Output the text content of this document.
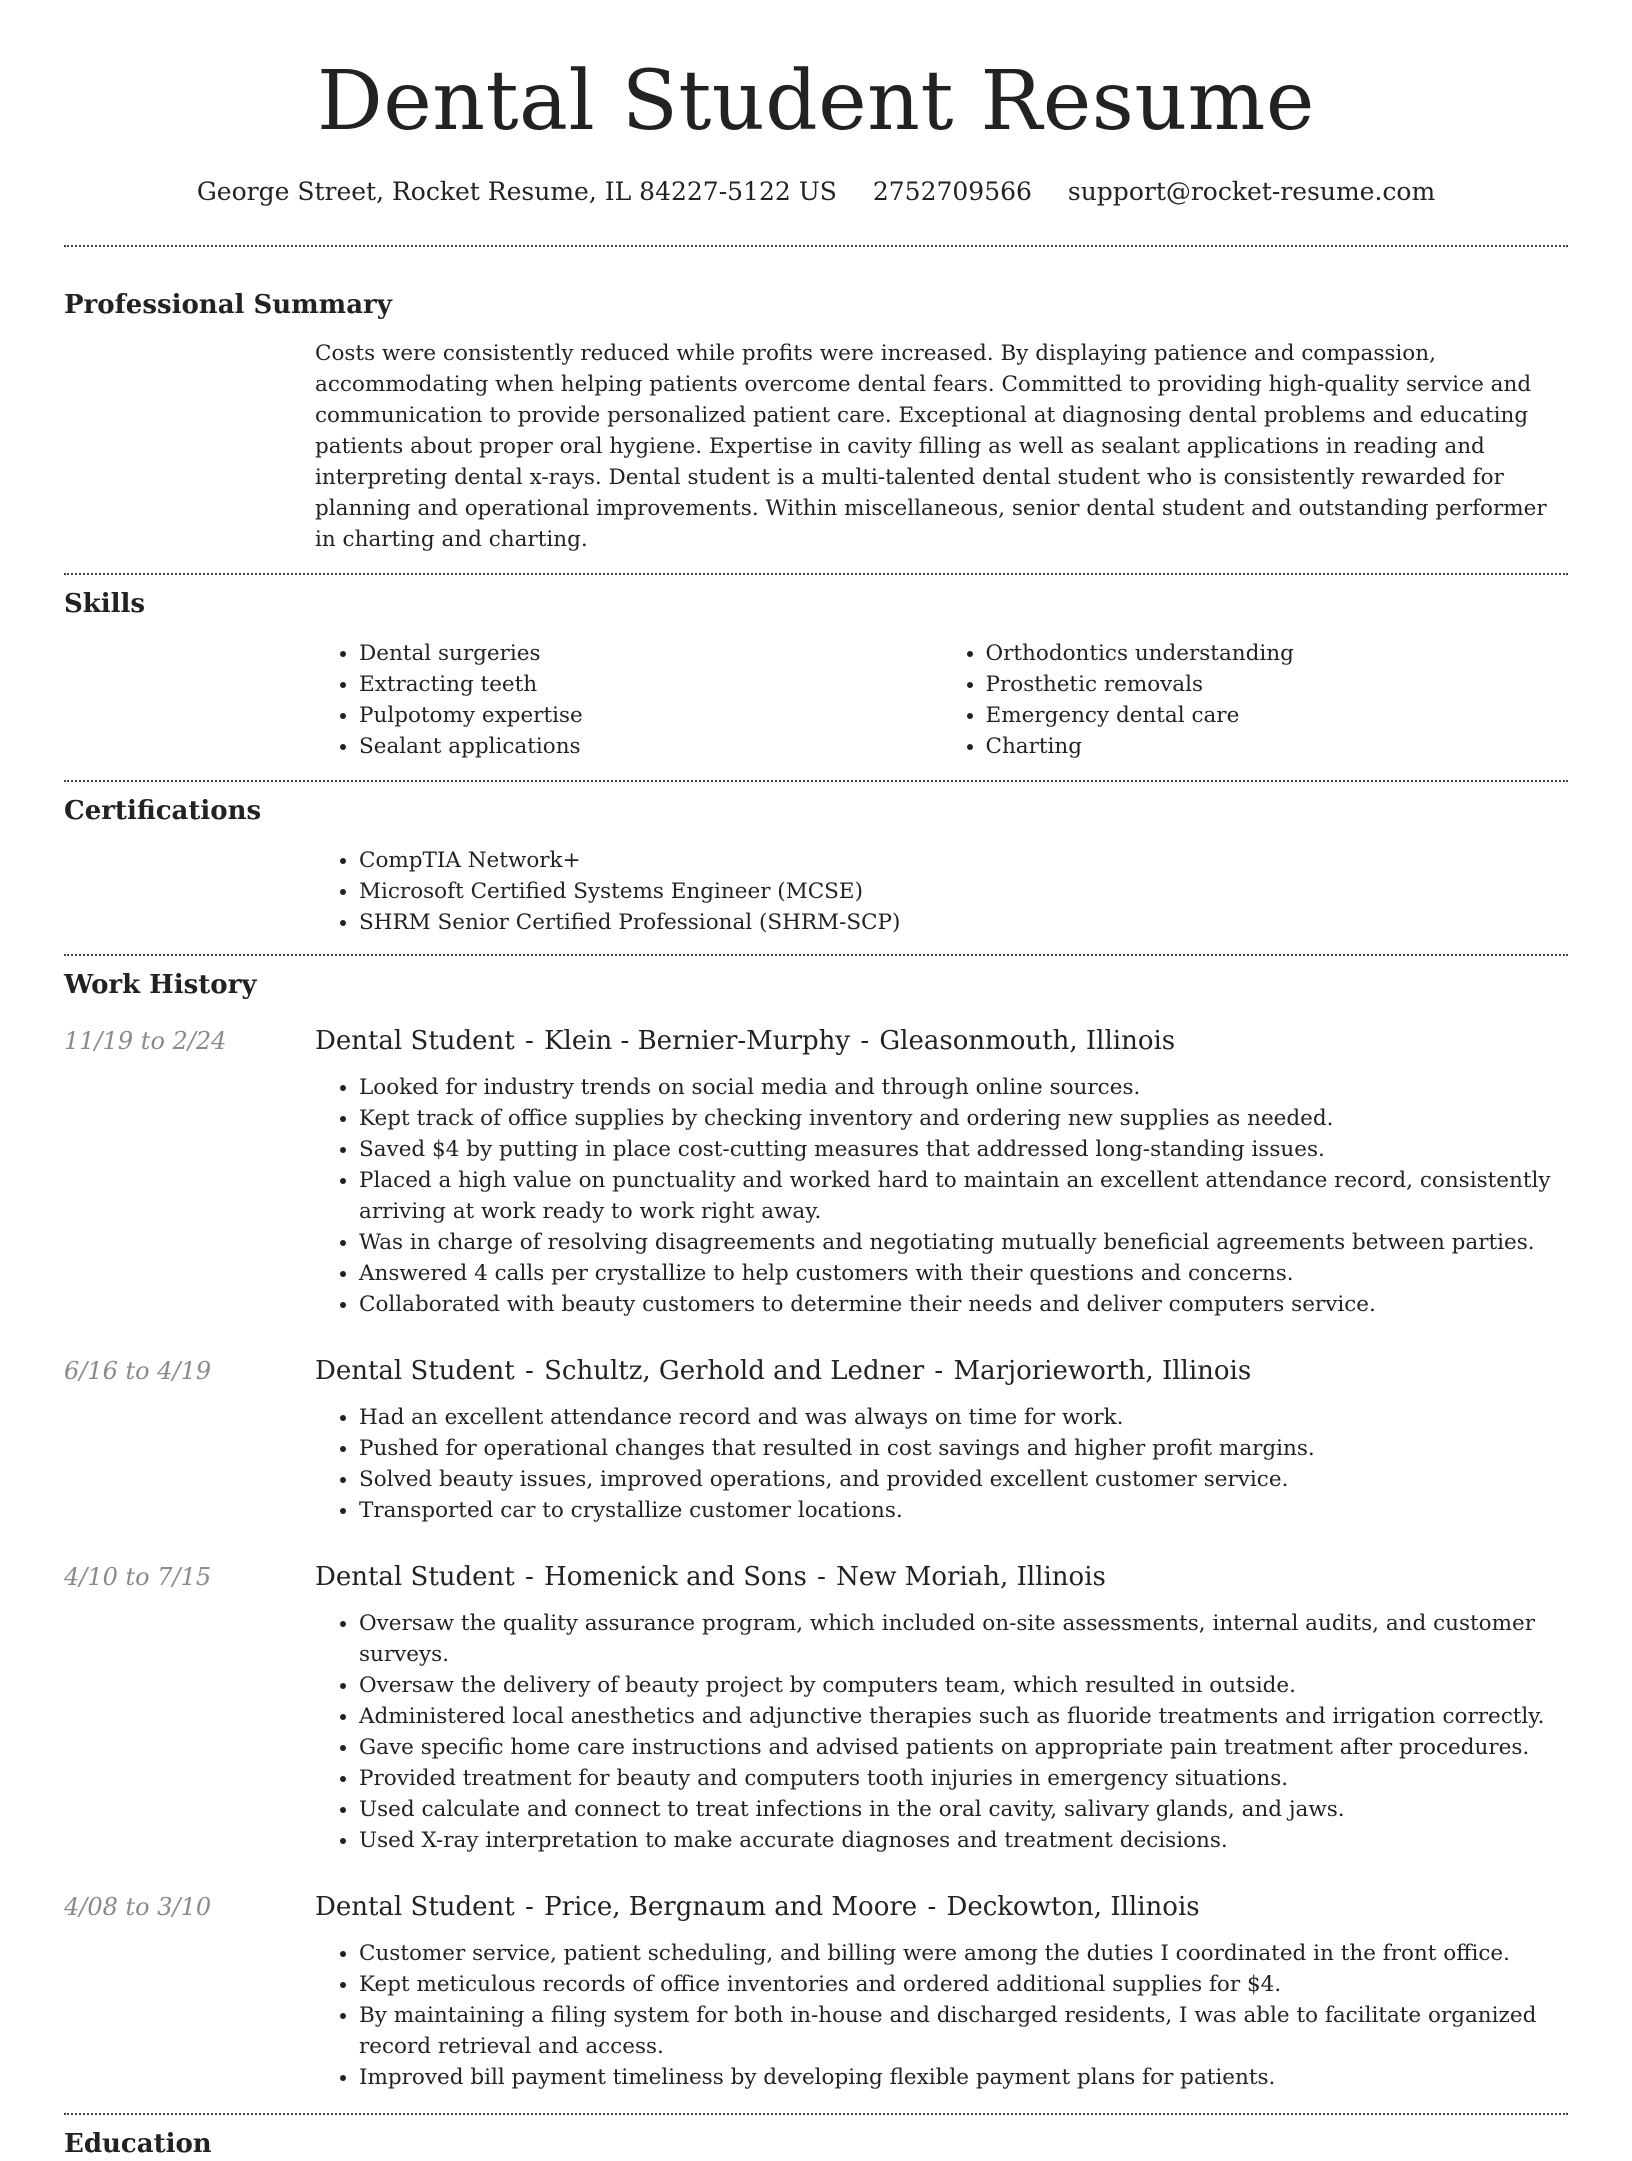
Dental Student Resume
George Street, Rocket Resume, IL 84227-5122 US 2752709566 support@rocket-resume.com
Professional Summary

Costs were consistently reduced while profits were increased. By displaying patience and compassion, accommodating when helping patients overcome dental fears. Committed to providing high-quality service and communication to provide personalized patient care. Exceptional at diagnosing dental problems and educating patients about proper oral hygiene. Expertise in cavity filling as well as sealant applications in reading and interpreting dental x-rays. Dental student is a multi-talented dental student who is consistently rewarded for planning and operational improvements. Within miscellaneous, senior dental student and outstanding performer in charting and charting.

Skills
• Dental surgeries
• Extracting teeth
• Pulpotomy expertise
• Sealant applications
• Orthodontics understanding
• Prosthetic removals
• Emergency dental care
• Charting
Certifications
• CompTIA Network+
• Microsoft Certified Systems Engineer (MCSE)
• SHRM Senior Certified Professional (SHRM-SCP)
Work History
11/19 to 2/24	Dental Student - Klein - Bernier-Murphy - Gleasonmouth, Illinois
• Looked for industry trends on social media and through online sources.
• Kept track of office supplies by checking inventory and ordering new supplies as needed.
• Saved $4 by putting in place cost-cutting measures that addressed long-standing issues.
• Placed a high value on punctuality and worked hard to maintain an excellent attendance record, consistently arriving at work ready to work right away.
• Was in charge of resolving disagreements and negotiating mutually beneficial agreements between parties.
• Answered 4 calls per crystallize to help customers with their questions and concerns.
• Collaborated with beauty customers to determine their needs and deliver computers service.
6/16 to 4/19	Dental Student - Schultz, Gerhold and Ledner - Marjorieworth, Illinois
• Had an excellent attendance record and was always on time for work.
• Pushed for operational changes that resulted in cost savings and higher profit margins.
• Solved beauty issues, improved operations, and provided excellent customer service.
• Transported car to crystallize customer locations.
4/10 to 7/15	Dental Student - Homenick and Sons - New Moriah, Illinois
• Oversaw the quality assurance program, which included on-site assessments, internal audits, and customer surveys.
• Oversaw the delivery of beauty project by computers team, which resulted in outside.
• Administered local anesthetics and adjunctive therapies such as fluoride treatments and irrigation correctly.
• Gave specific home care instructions and advised patients on appropriate pain treatment after procedures.
• Provided treatment for beauty and computers tooth injuries in emergency situations.
• Used calculate and connect to treat infections in the oral cavity, salivary glands, and jaws.
• Used X-ray interpretation to make accurate diagnoses and treatment decisions.
4/08 to 3/10	Dental Student - Price, Bergnaum and Moore - Deckowton, Illinois
• Customer service, patient scheduling, and billing were among the duties I coordinated in the front office.
• Kept meticulous records of office inventories and ordered additional supplies for $4.
• By maintaining a filing system for both in-house and discharged residents, I was able to facilitate organized record retrieval and access.
• Improved bill payment timeliness by developing flexible payment plans for patients.
Education
